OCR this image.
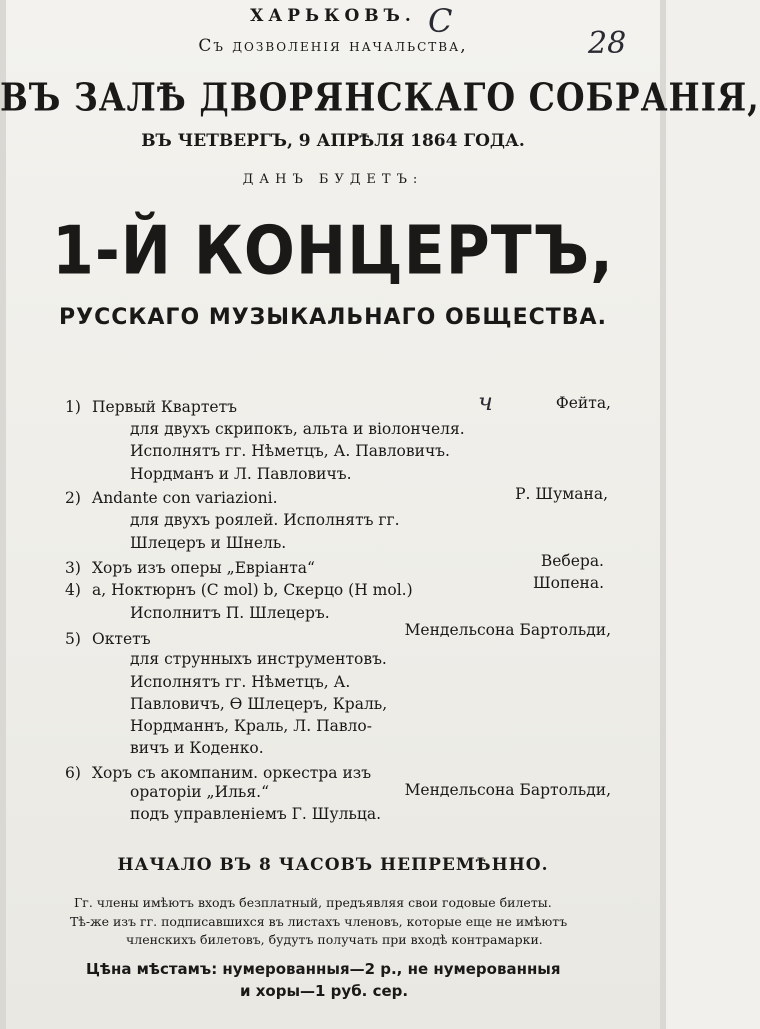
C
28
ч
ХАРЬКОВЪ.
Съ дозволенія начальства,
ВЪ ЗАЛѢ ДВОРЯНСКАГО СОБРАНІЯ,
ВЪ ЧЕТВЕРГЪ, 9 АПРѢЛЯ 1864 ГОДА.
ДАНЪ БУДЕТЪ:
1-Й КОНЦЕРТЪ,
РУССКАГО МУЗЫКАЛЬНАГО ОБЩЕСТВА.
1) Первый Квартетъ	Фейта,
для двухъ скрипокъ, альта и віолончеля.
Исполнятъ гг. Нѣметцъ, А. Павловичъ.
Нордманъ и Л. Павловичъ.
2) Andante con variazioni.	Р. Шумана,
для двухъ роялей. Исполнятъ гг.
Шлецеръ и Шнель.
3) Хоръ изъ оперы „Евріанта“	Вебера.
4) a, Ноктюрнъ (C mol) b, Скерцо (H mol.)	Шопена.
Исполнитъ П. Шлецеръ.
5) Октетъ	Мендельсона Бартольди,
для струнныхъ инструментовъ.
Исполнятъ гг. Нѣметцъ, А.
Павловичъ, Ѳ Шлецеръ, Краль,
Нордманнъ, Краль, Л. Павло-
вичъ и Коденко.
6) Хоръ съ акомпаним. оркестра изъ
Мендельсона Бартольди,
ораторіи „Илья.“
подъ управленіемъ Г. Шульца.
НАЧАЛО ВЪ 8 ЧАСОВЪ НЕПРЕМѢННО.
Гг. члены имѣютъ входъ безплатный, предъявляя свои годовые билеты.
Тѣ-же изъ гг. подписавшихся въ листахъ членовъ, которые еще не имѣютъ
членскихъ билетовъ, будутъ получать при входѣ контрамарки.
Цѣна мѣстамъ: нумерованныя—2 р., не нумерованныя
и хоры—1 руб. сер.
